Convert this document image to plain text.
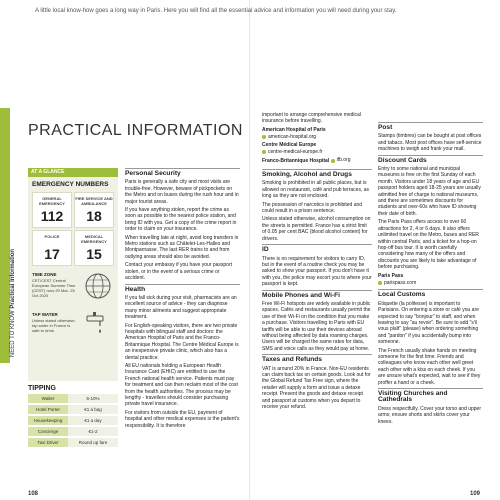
A little local know-how goes a long way in Paris. Here you will find all the essential advice and information you will need during your stay.
NEED TO KNOW Practical Information
PRACTICAL INFORMATION
AT A GLANCE
EMERGENCY NUMBERS
GENERAL EMERGENCY
112
FIRE SERVICE AND AMBULANCE
18
POLICE
17
MEDICAL EMERGENCY
15
TIME ZONE
CET/CEST Central European Summer Time (CEST) runs 29 Mar- 25 Oct 2020
TAP WATER
Unless stated otherwise, tap water in France is safe to drink.
TIPPING
Waiter	5-10%
Hotel Porter	€1 a bag
Housekeeping	€1 a day
Concierge	€1-2
Taxi Driver	Round up fare
Personal Security

Paris is generally a safe city and most visits are trouble-free. However, beware of pickpockets on the Metro and on buses during the rush hour and in major tourist areas.

If you have anything stolen, report the crime as soon as possible to the nearest police station, and bring ID with you. Get a copy of the crime report in order to claim on your insurance.

When travelling late at night, avoid long transfers in Metro stations such as Châtelet-Les-Halles and Montparnasse. The last RER trains to and from outlying areas should also be avoided.

Contact your embassy if you have your passport stolen, or in the event of a serious crime or accident.

Health

If you fall sick during your visit, pharmacists are an excellent source of advice - they can diagnose many minor ailments and suggest appropriate treatment.

For English-speaking visitors, there are two private hospitals with bilingual staff and doctors: the American Hospital of Paris and the Franco-Britannique Hospital. The Centre Médical Europe is an inexpensive private clinic, which also has a dental practice.

All EU nationals holding a European Health Insurance Card (EHIC) are entitled to use the French national health service. Patients must pay for treatment and can then reclaim most of the cost from the health authorities. The process may be lengthy - travellers should consider purchasing private travel insurance.

For visitors from outside the EU, payment of hospital and other medical expenses is the patient's responsibility. It is therefore

important to arrange comprehensive medical insurance before travelling.

American Hospital of Paris
american-hospital.org
Centre Médical Europe
centre-medical-europe.fr
Franco-Britannique Hospital ifb.org
Smoking, Alcohol and Drugs

Smoking is prohibited in all public places, but is allowed on restaurant, café and pub terraces, as long as they are not enclosed.

The possession of narcotics is prohibited and could result in a prison sentence.

Unless stated otherwise, alcohol consumption on the streets is permitted. France has a strict limit of 0.05 per cent BAC (blood alcohol content) for drivers.

ID

There is no requirement for visitors to carry ID, but in the event of a routine check you may be asked to show your passport. If you don't have it with you, the police may escort you to where your passport is kept.

Mobile Phones and Wi-Fi

Free Wi-Fi hotspots are widely available in public spaces. Cafés and restaurants usually permit the use of their Wi-Fi on the condition that you make a purchase. Visitors travelling to Paris with EU tariffs will be able to use their devices abroad without being affected by data roaming charges. Users will be charged the same rates for data, SMS and voice calls as they would pay at home.

Taxes and Refunds

VAT is around 20% in France. Non-EU residents can claim back tax on certain goods. Look out for the Global Refund Tax Free sign, where the retailer will supply a form and issue a detaxe receipt. Present the goods and detaxe receipt and passport at customs when you depart to receive your refund.

Post

Stamps (timbres) can be bought at post offices and tabacs. Most post offices have self-service machines to weigh and frank your mail.

Discount Cards

Entry to some national and municipal museums is free on the first Sunday of each month. Visitors under 18 years of age and EU passport holders aged 18-25 years are usually admitted free of charge to national museums, and there are sometimes discounts for students and over-60s who have ID showing their date of birth.

The Paris Pass offers access to over 60 attractions for 2, 4 or 6 days. It also offers unlimited travel on the Metro, buses and RER within central Paris, and a ticket for a hop-on hop-off bus tour. It is worth carefully considering how many of the offers and discounts you are likely to take advantage of before purchasing.

Paris Pass
parispass.com
Local Customs

Etiquette (la politesse) is important to Parisians. On entering a store or café you are expected to say "bonjour" to staff, and when leaving to say "au revoir". Be sure to add "s'il vous plaît" (please) when ordering something and "pardon" if you accidentally bump into someone.

The French usually shake hands on meeting someone for the first time. Friends and colleagues who know each other well greet each other with a kiss on each cheek. If you are unsure what's expected, wait to see if they proffer a hand or a cheek.

Visiting Churches and Cathedrals

Dress respectfully. Cover your torso and upper arms; ensure shorts and skirts cover your knees.

108	109
